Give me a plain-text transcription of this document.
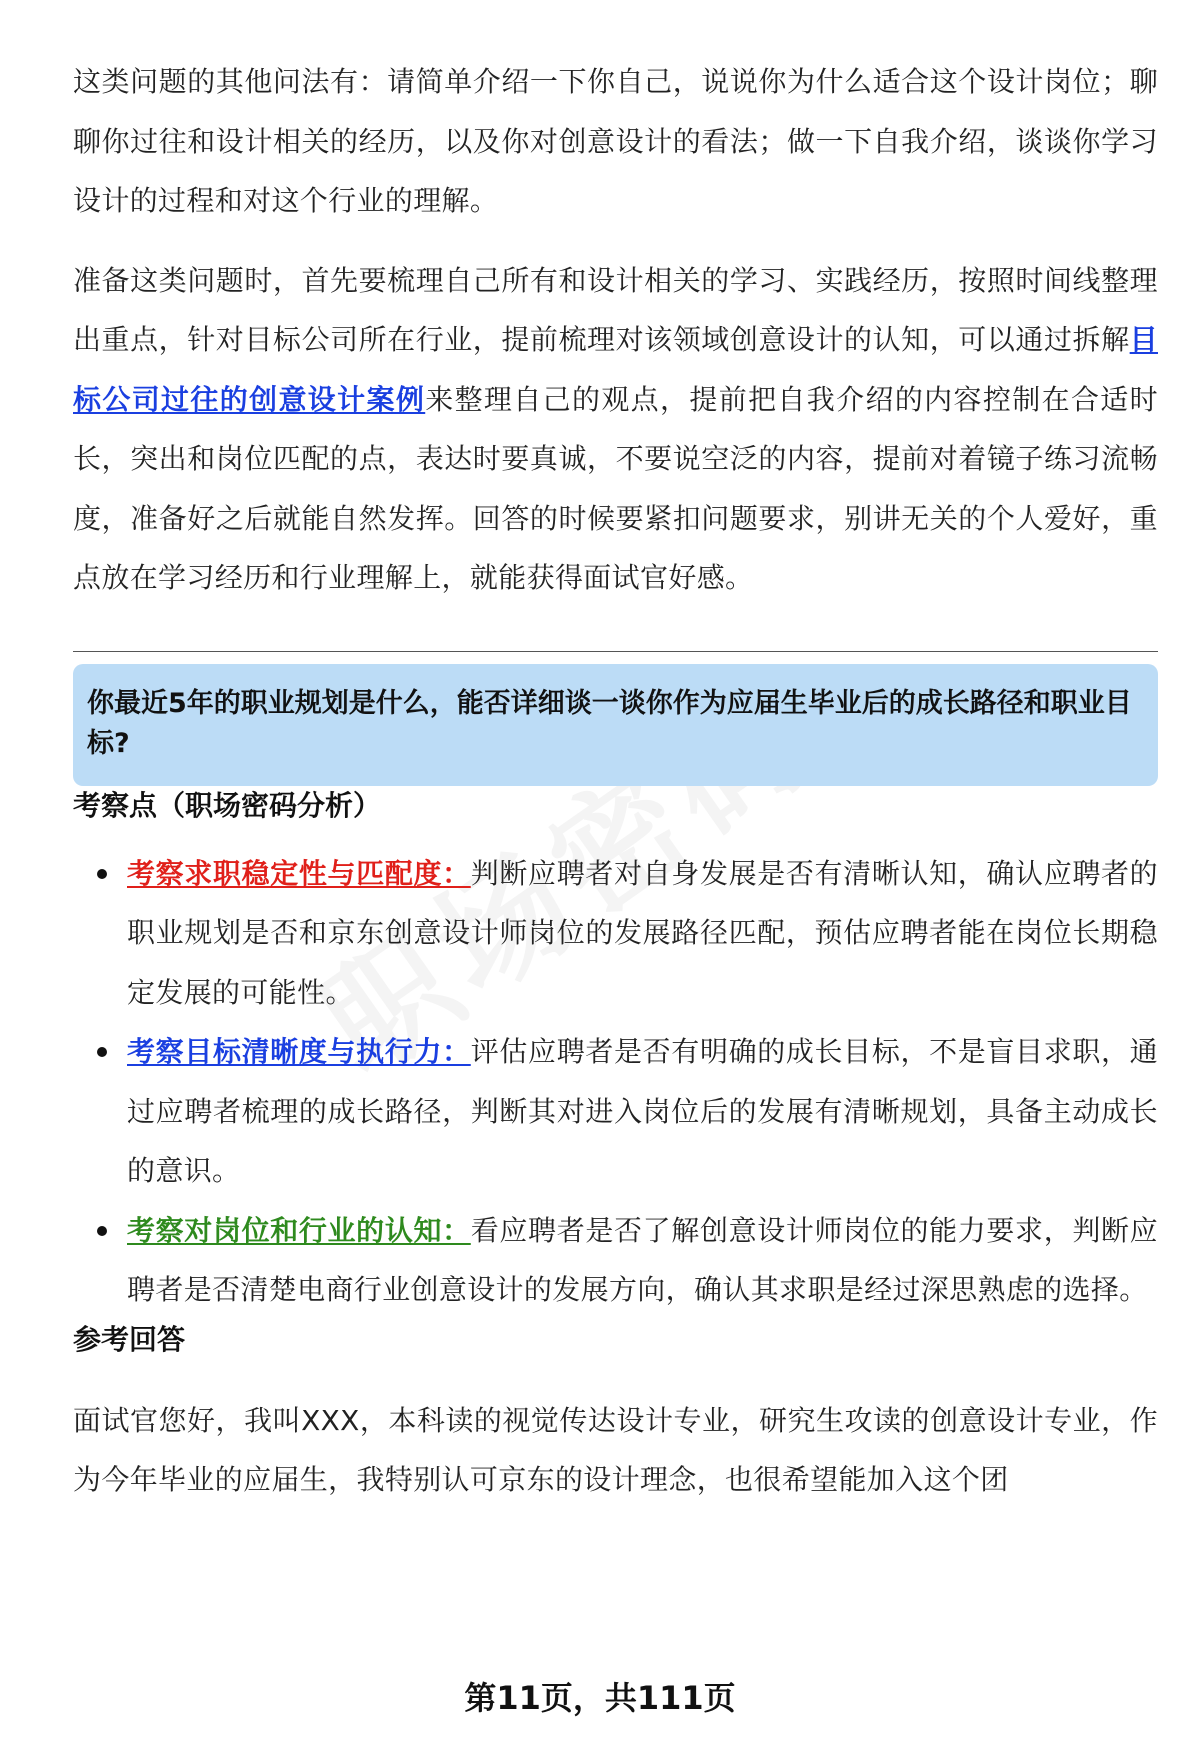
这类问题的其他问法有：请简单介绍一下你自己，说说你为什么适合这个设计岗位；聊聊你过往和设计相关的经历，以及你对创意设计的看法；做一下自我介绍，谈谈你学习设计的过程和对这个行业的理解。

准备这类问题时，首先要梳理自己所有和设计相关的学习、实践经历，按照时间线整理出重点，针对目标公司所在行业，提前梳理对该领域创意设计的认知，可以通过拆解目标公司过往的创意设计案例来整理自己的观点，提前把自我介绍的内容控制在合适时长，突出和岗位匹配的点，表达时要真诚，不要说空泛的内容，提前对着镜子练习流畅度，准备好之后就能自然发挥。回答的时候要紧扣问题要求，别讲无关的个人爱好，重点放在学习经历和行业理解上，就能获得面试官好感。

你最近5年的职业规划是什么，能否详细谈一谈你作为应届生毕业后的成长路径和职业目标?
考察点（职场密码分析）
考察求职稳定性与匹配度：判断应聘者对自身发展是否有清晰认知，确认应聘者的职业规划是否和京东创意设计师岗位的发展路径匹配，预估应聘者能在岗位长期稳定发展的可能性。
考察目标清晰度与执行力：评估应聘者是否有明确的成长目标，不是盲目求职，通过应聘者梳理的成长路径，判断其对进入岗位后的发展有清晰规划，具备主动成长的意识。
考察对岗位和行业的认知：看应聘者是否了解创意设计师岗位的能力要求，判断应聘者是否清楚电商行业创意设计的发展方向，确认其求职是经过深思熟虑的选择。
参考回答

面试官您好，我叫XXX，本科读的视觉传达设计专业，研究生攻读的创意设计专业，作为今年毕业的应届生，我特别认可京东的设计理念，也很希望能加入这个团

第11页，共111页
